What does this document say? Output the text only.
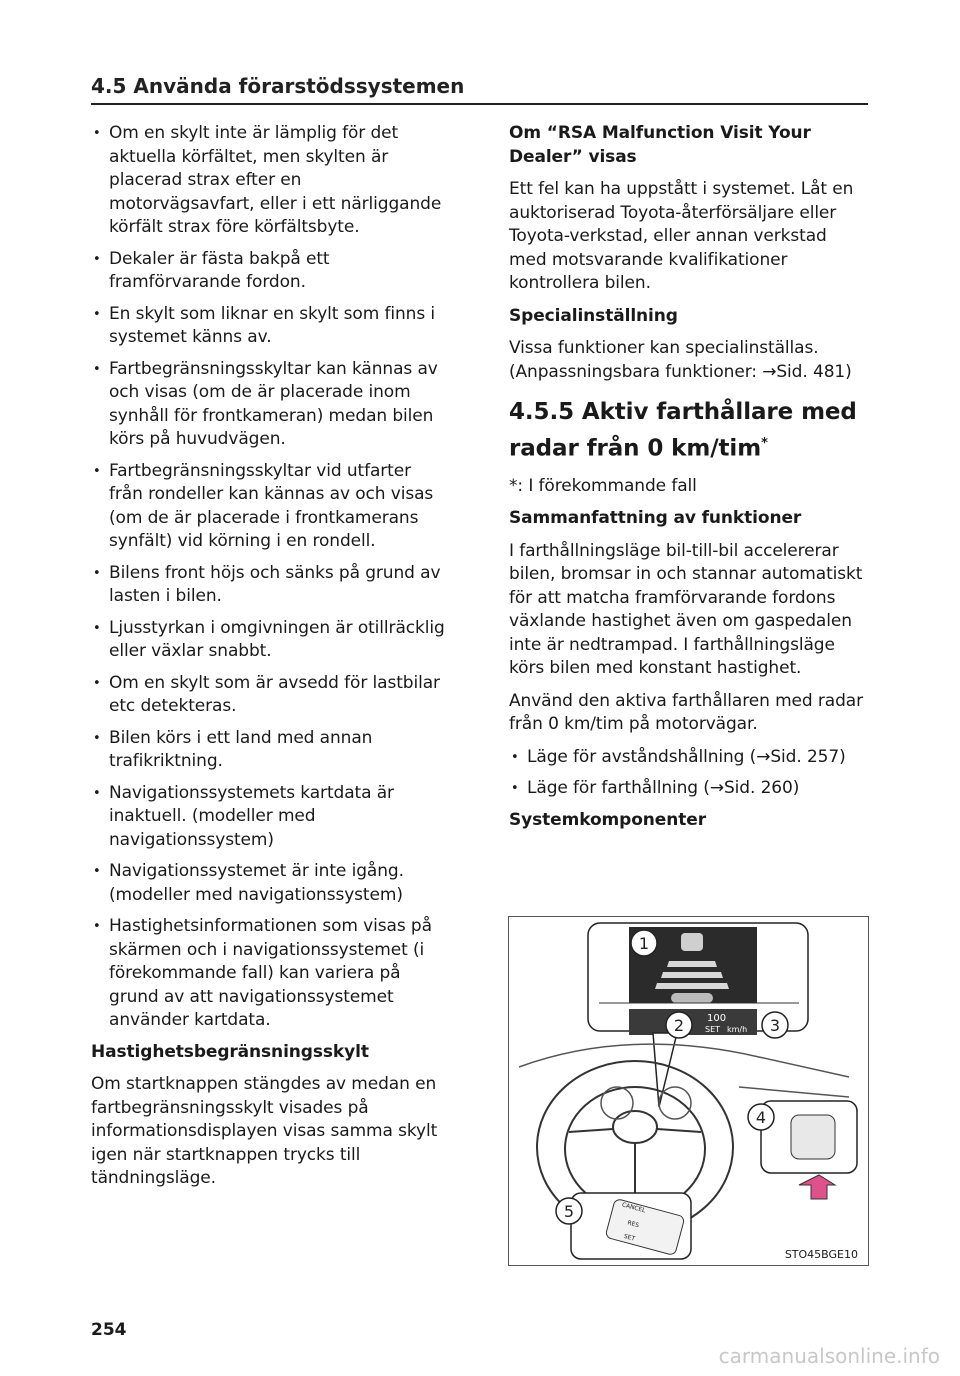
4.5 Använda förarstödssystemen
• Om en skylt inte är lämplig för det aktuella körfältet, men skylten är placerad strax efter en motorvägsavfart, eller i ett närliggande körfält strax före körfältsbyte.
• Dekaler är fästa bakpå ett framförvarande fordon.
• En skylt som liknar en skylt som finns i systemet känns av.
• Fartbegränsningsskyltar kan kännas av och visas (om de är placerade inom synhåll för frontkameran) medan bilen körs på huvudvägen.
• Fartbegränsningsskyltar vid utfarter från rondeller kan kännas av och visas (om de är placerade i frontkamerans synfält) vid körning i en rondell.
• Bilens front höjs och sänks på grund av lasten i bilen.
• Ljusstyrkan i omgivningen är otillräcklig eller växlar snabbt.
• Om en skylt som är avsedd för lastbilar etc detekteras.
• Bilen körs i ett land med annan trafikriktning.
• Navigationssystemets kartdata är inaktuell. (modeller med navigationssystem)
• Navigationssystemet är inte igång. (modeller med navigationssystem)
• Hastighetsinformationen som visas på skärmen och i navigationssystemet (i förekommande fall) kan variera på grund av att navigationssystemet använder kartdata.

Hastighetsbegränsningsskylt

Om startknappen stängdes av medan en fartbegränsningsskylt visades på informationsdisplayen visas samma skylt igen när startknappen trycks till tändningsläge.

Om “RSA Malfunction Visit Your Dealer” visas

Ett fel kan ha uppstått i systemet. Låt en auktoriserad Toyota-återförsäljare eller Toyota-verkstad, eller annan verkstad med motsvarande kvalifikationer kontrollera bilen.

Specialinställning

Vissa funktioner kan specialinställas. (Anpassningsbara funktioner: →Sid. 481)

4.5.5 Aktiv farthållare med radar från 0 km/tim*

*: I förekommande fall

Sammanfattning av funktioner

I farthållningsläge bil-till-bil accelererar bilen, bromsar in och stannar automatiskt för att matcha framförvarande fordons växlande hastighet även om gaspedalen inte är nedtrampad. I farthållningsläge körs bilen med konstant hastighet.

Använd den aktiva farthållaren med radar från 0 km/tim på motorvägar.

• Läge för avståndshållning (→Sid. 257)
• Läge för farthållning (→Sid. 260)

Systemkomponenter

100
SET km/h
CANCEL
RES
SET
1
2	3
4
5
STO45BGE10
254
carmanualsonline.info
